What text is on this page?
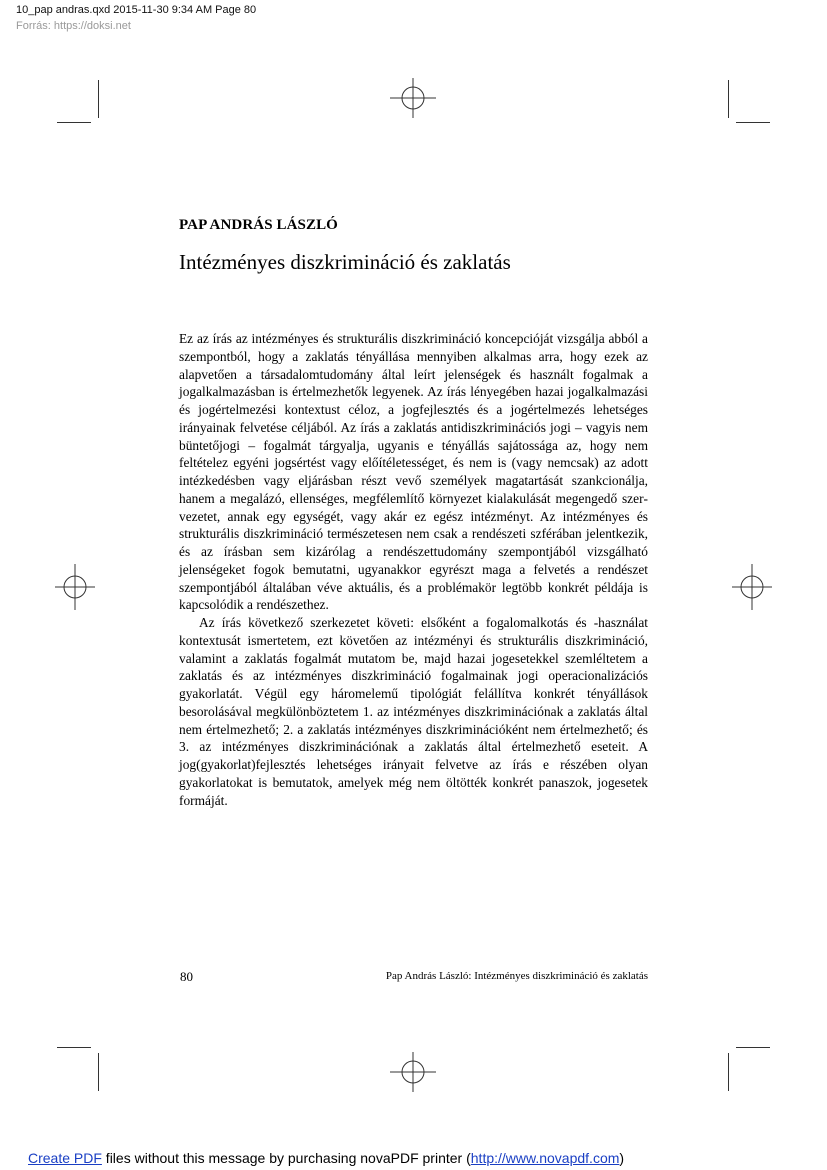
10_pap andras.qxd 2015-11-30 9:34 AM Page 80
Forrás: https://doksi.net
PAP ANDRÁS LÁSZLÓ
Intézményes diszkrimináció és zaklatás

Ez az írás az intézményes és strukturális diszkrimináció koncepcióját vizsgálja abból a szempontból, hogy a zaklatás tényállása mennyiben alkalmas arra, hogy ezek az alapvetően a társadalomtudomány által leírt jelenségek és használt fogalmak a jogalkalmazásban is értelmezhetők legyenek. Az írás lényegében hazai jogalkalmazási és jogértelmezési kontextust céloz, a jogfejlesztés és a jogértelmezés lehetséges irányainak felvetése céljából. Az írás a zaklatás antidiszkriminációs jogi – vagyis nem büntetőjogi – fogalmát tárgyalja, ugyanis e tényállás sajátossága az, hogy nem feltételez egyéni jogsértést vagy előítéletességet, és nem is (vagy nemcsak) az adott intézkedésben vagy eljárásban részt vevő személyek magatartását szankcionálja, hanem a megalázó, ellenséges, megfélemlítő környezet kialakulását megengedő szervezetet, annak egy egységét, vagy akár ez egész intézményt. Az intézményes és strukturális diszkrimináció természetesen nem csak a rendészeti szférában jelentkezik, és az írásban sem kizárólag a rendészettudomány szempontjából vizsgálható jelenségeket fogok bemutatni, ugyanakkor egyrészt maga a felvetés a rendészet szempontjából általában véve aktuális, és a problémakör legtöbb konkrét példája is kapcsolódik a rendészethez.

Az írás következő szerkezetet követi: elsőként a fogalomalkotás és -használat kontextusát ismertetem, ezt követően az intézményi és strukturális diszkrimináció, valamint a zaklatás fogalmát mutatom be, majd hazai jogesetekkel szemléltetem a zaklatás és az intézményes diszkrimináció fogalmainak jogi operacionalizációs gyakorlatát. Végül egy háromelemű tipológiát felállítva konkrét tényállások besorolásával megkülönböztetem 1. az intézményes diszkriminációnak a zaklatás által nem értelmezhető; 2. a zaklatás intézményes diszkriminációként nem értelmezhető; és 3. az intézményes diszkriminációnak a zaklatás által értelmezhető eseteit. A jog(gyakorlat)fejlesztés lehetséges irányait felvetve az írás e részében olyan gyakorlatokat is bemutatok, amelyek még nem öltötték konkrét panaszok, jogesetek formáját.

80	Pap András László: Intézményes diszkrimináció és zaklatás
Create PDF files without this message by purchasing novaPDF printer (http://www.novapdf.com)
